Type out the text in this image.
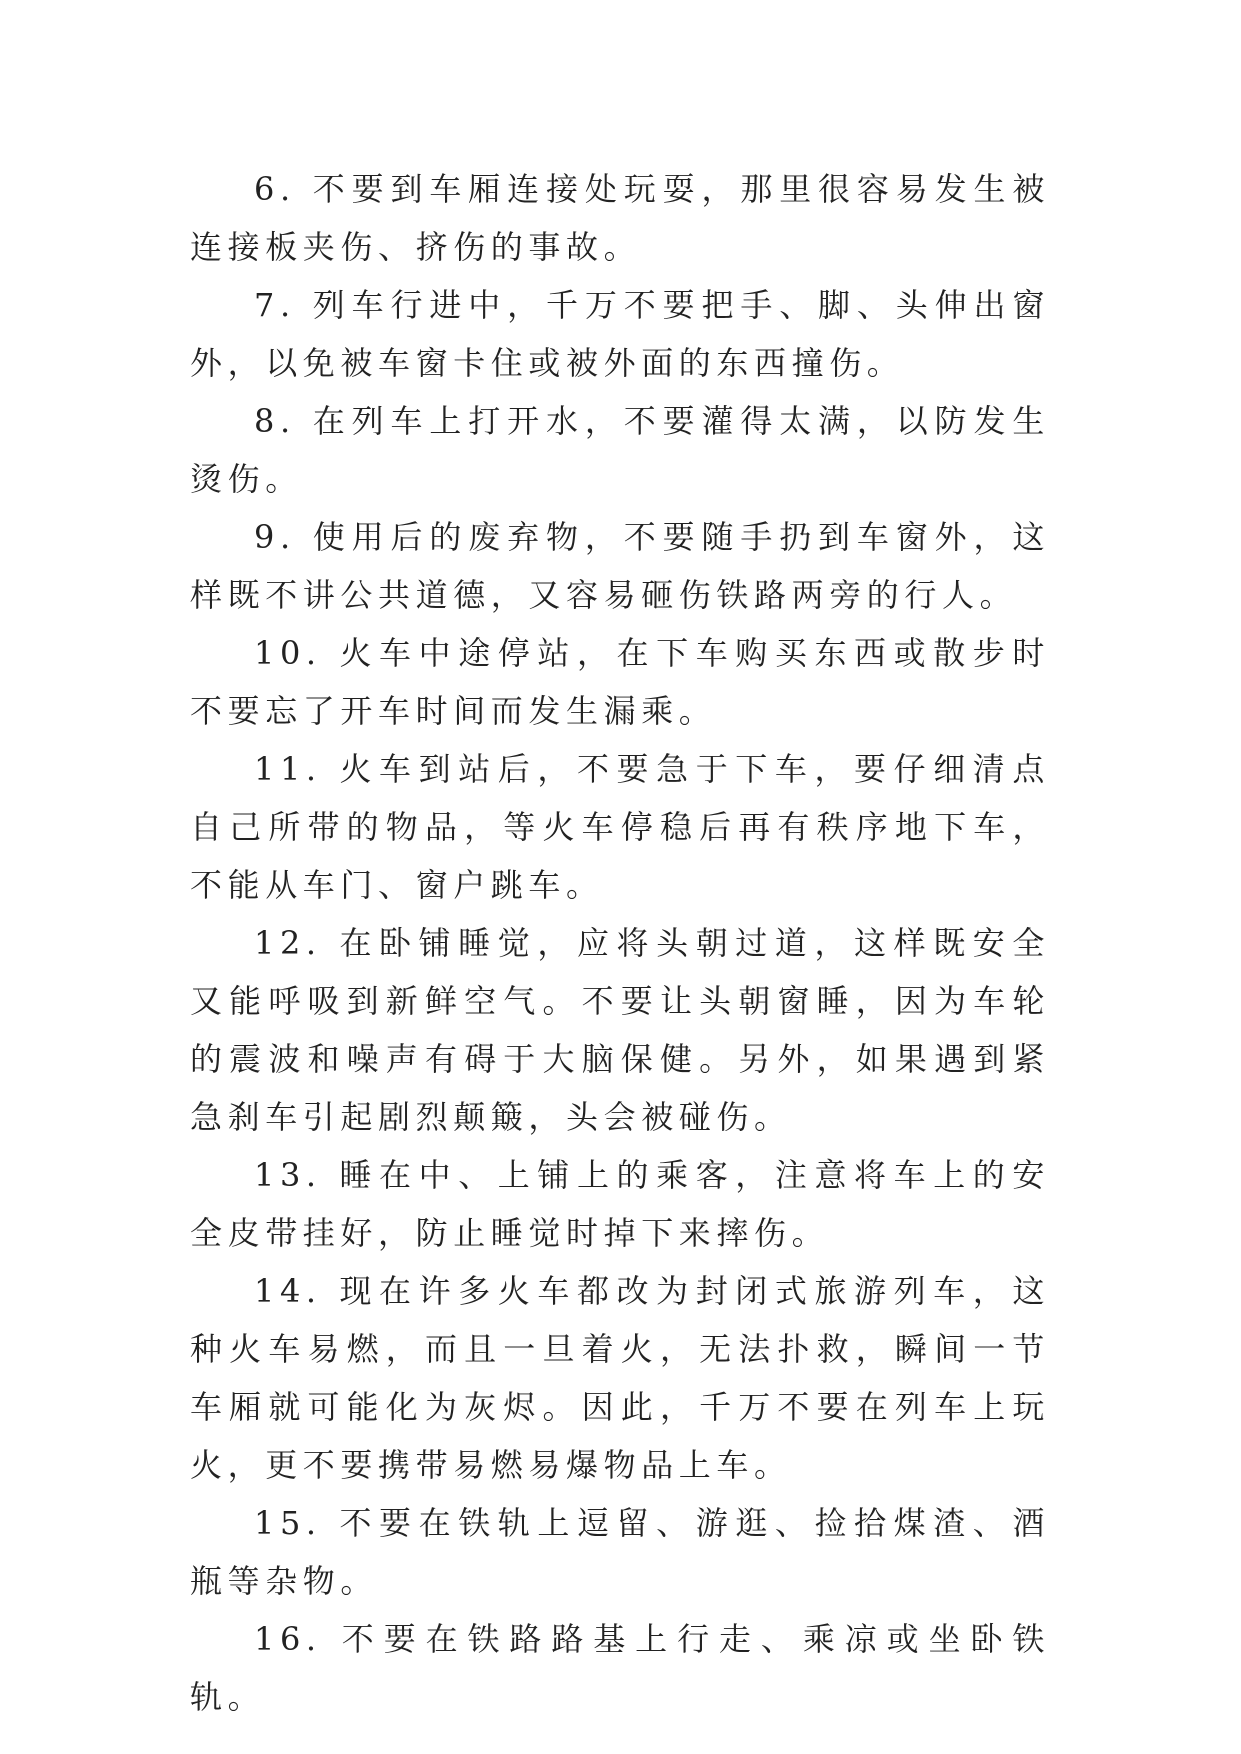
6. 不要到车厢连接处玩耍，那里很容易发生被连接板夹伤、挤伤的事故。

7. 列车行进中，千万不要把手、脚、头伸出窗外，以免被车窗卡住或被外面的东西撞伤。

8. 在列车上打开水，不要灌得太满，以防发生烫伤。

9. 使用后的废弃物，不要随手扔到车窗外，这样既不讲公共道德，又容易砸伤铁路两旁的行人。

10. 火车中途停站，在下车购买东西或散步时不要忘了开车时间而发生漏乘。

11. 火车到站后，不要急于下车，要仔细清点自己所带的物品，等火车停稳后再有秩序地下车，不能从车门、窗户跳车。

12. 在卧铺睡觉，应将头朝过道，这样既安全又能呼吸到新鲜空气。不要让头朝窗睡，因为车轮的震波和噪声有碍于大脑保健。另外，如果遇到紧急刹车引起剧烈颠簸，头会被碰伤。

13. 睡在中、上铺上的乘客，注意将车上的安全皮带挂好，防止睡觉时掉下来摔伤。

14. 现在许多火车都改为封闭式旅游列车，这种火车易燃，而且一旦着火，无法扑救，瞬间一节车厢就可能化为灰烬。因此，千万不要在列车上玩火，更不要携带易燃易爆物品上车。

15. 不要在铁轨上逗留、游逛、捡拾煤渣、酒瓶等杂物。

16. 不要在铁路路基上行走、乘凉或坐卧铁轨。
